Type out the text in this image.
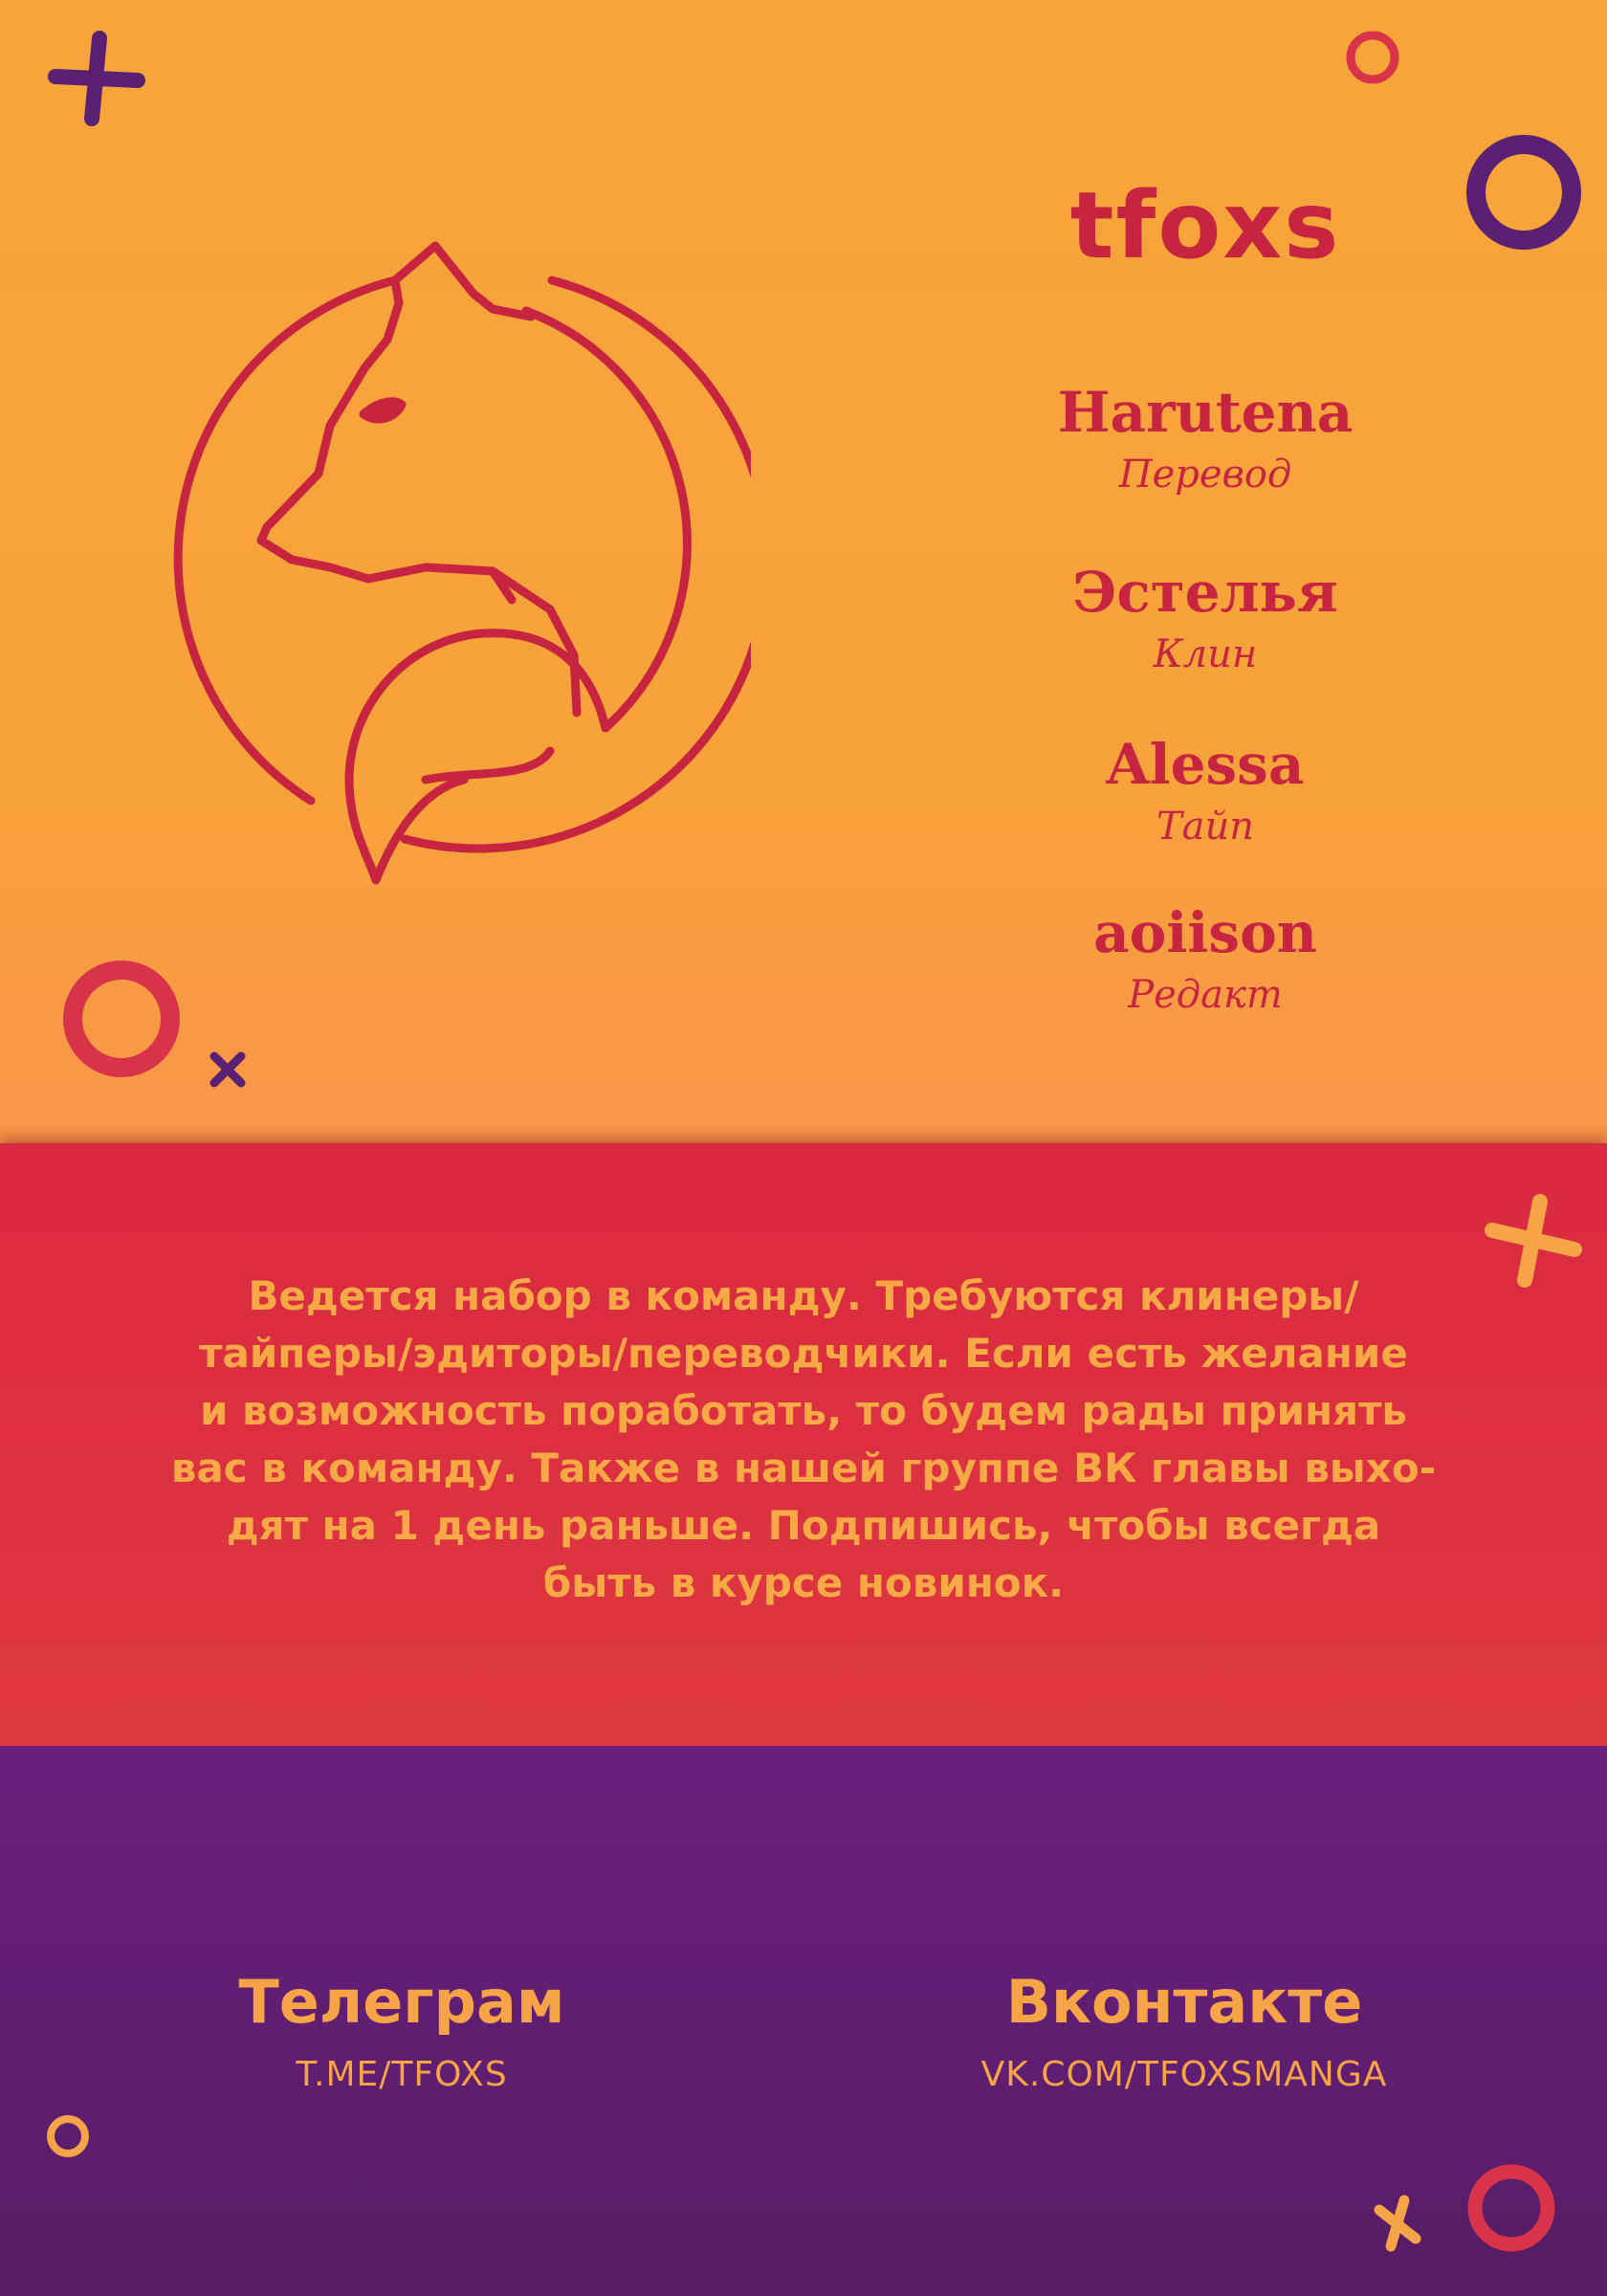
tfoxs
Harutena
Перевод
Эстелья
Клин
Alessa
Тайп
aoiison
Редакт
Ведется набор в команду. Требуются клинеры/
тайперы/эдиторы/переводчики. Если есть желание
и возможность поработать, то будем рады принять
вас в команду. Также в нашей группе ВК главы выхо-
дят на 1 день раньше. Подпишись, чтобы всегда
быть в курсе новинок.
Телеграм
T.ME/TFOXS
Вконтакте
VK.COM/TFOXSMANGA
